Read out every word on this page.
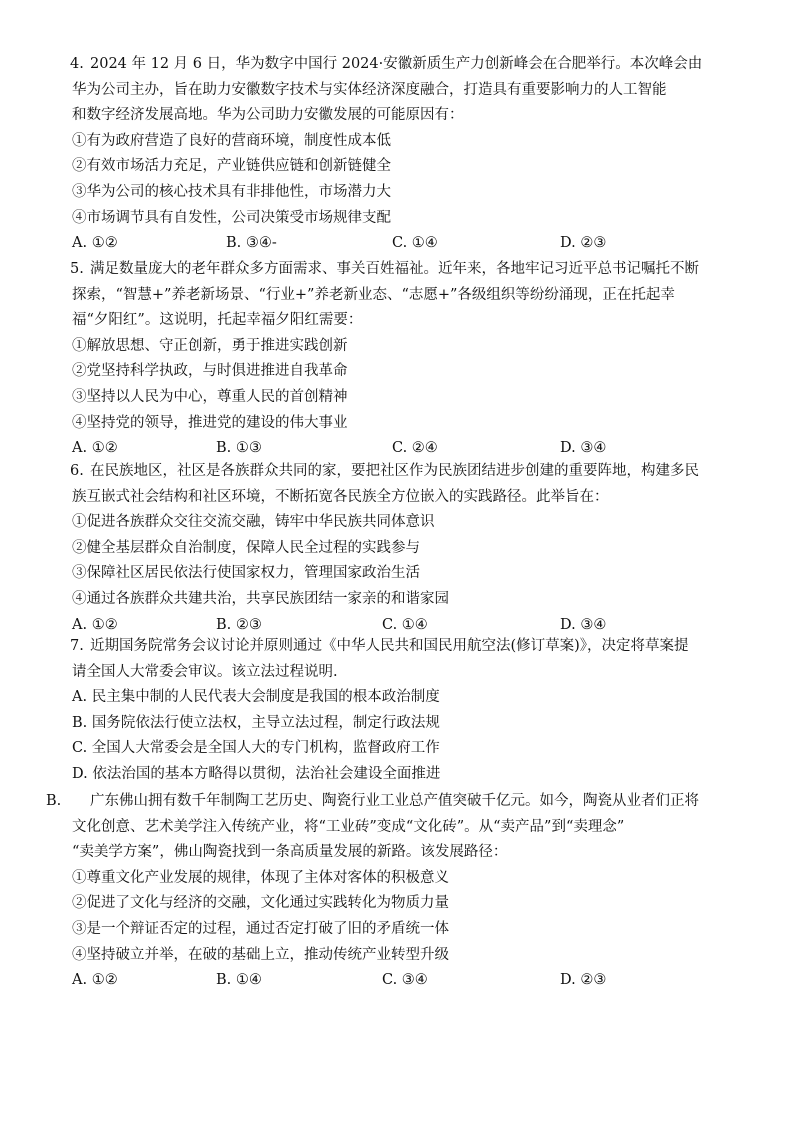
4. 2024 年 12 月 6 日，华为数字中国行 2024·安徽新质生产力创新峰会在合肥举行。本次峰会由
华为公司主办，旨在助力安徽数字技术与实体经济深度融合，打造具有重要影响力的人工智能
和数字经济发展高地。华为公司助力安徽发展的可能原因有：
①有为政府营造了良好的营商环境，制度性成本低
②有效市场活力充足，产业链供应链和创新链健全
③华为公司的核心技术具有非排他性，市场潜力大
④市场调节具有自发性，公司决策受市场规律支配
A. ①②	B. ③④-	C. ①④	D. ②③
5. 满足数量庞大的老年群众多方面需求、事关百姓福祉。近年来，各地牢记习近平总书记嘱托不断
探索，“智慧+”养老新场景、“行业+”养老新业态、“志愿+”各级组织等纷纷涌现，正在托起幸
福“夕阳红”。这说明，托起幸福夕阳红需要：
①解放思想、守正创新，勇于推进实践创新
②党坚持科学执政，与时俱进推进自我革命
③坚持以人民为中心，尊重人民的首创精神
④坚持党的领导，推进党的建设的伟大事业
A. ①②	B. ①③	C. ②④	D. ③④
6. 在民族地区，社区是各族群众共同的家，要把社区作为民族团结进步创建的重要阵地，构建多民
族互嵌式社会结构和社区环境，不断拓宽各民族全方位嵌入的实践路径。此举旨在：
①促进各族群众交往交流交融，铸牢中华民族共同体意识
②健全基层群众自治制度，保障人民全过程的实践参与
③保障社区居民依法行使国家权力，管理国家政治生活
④通过各族群众共建共治，共享民族团结一家亲的和谐家园
A. ①②	B. ②③	C. ①④	D. ③④
7. 近期国务院常务会议讨论并原则通过《中华人民共和国民用航空法(修订草案)》，决定将草案提
请全国人大常委会审议。该立法过程说明.
A. 民主集中制的人民代表大会制度是我国的根本政治制度
B. 国务院依法行使立法权，主导立法过程，制定行政法规
C. 全国人大常委会是全国人大的专门机构，监督政府工作
D. 依法治国的基本方略得以贯彻，法治社会建设全面推进
B.	广东佛山拥有数千年制陶工艺历史、陶瓷行业工业总产值突破千亿元。如今，陶瓷从业者们正将
文化创意、艺术美学注入传统产业，将“工业砖”变成“文化砖”。从“卖产品”到“卖理念”
“卖美学方案”，佛山陶瓷找到一条高质量发展的新路。该发展路径：
①尊重文化产业发展的规律，体现了主体对客体的积极意义
②促进了文化与经济的交融，文化通过实践转化为物质力量
③是一个辩证否定的过程，通过否定打破了旧的矛盾统一体
④坚持破立并举，在破的基础上立，推动传统产业转型升级
A. ①②	B. ①④	C. ③④	D. ②③
